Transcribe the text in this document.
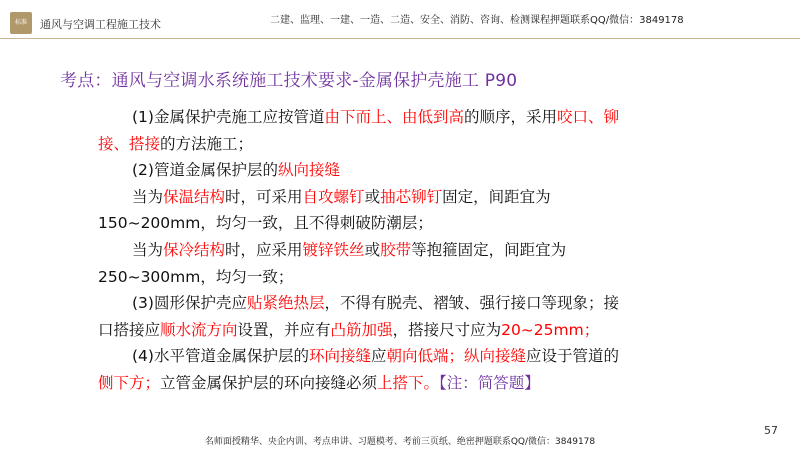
标准	通风与空调工程施工技术	二建、监理、一建、一造、二造、安全、消防、咨询、检测课程押题联系QQ/微信：3849178
考点：通风与空调水系统施工技术要求-金属保护壳施工 P90
(1)金属保护壳施工应按管道由下而上、由低到高的顺序，采用咬口、铆
接、搭接的方法施工；
(2)管道金属保护层的纵向接缝
当为保温结构时，可采用自攻螺钉或抽芯铆钉固定，间距宜为
150~200mm，均匀一致，且不得刺破防潮层；
当为保冷结构时，应采用镀锌铁丝或胶带等抱箍固定，间距宜为
250~300mm，均匀一致；
(3)圆形保护壳应贴紧绝热层，不得有脱壳、褶皱、强行接口等现象；接
口搭接应顺水流方向设置，并应有凸筋加强，搭接尺寸应为20~25mm；
(4)水平管道金属保护层的环向接缝应朝向低端；纵向接缝应设于管道的
侧下方；立管金属保护层的环向接缝必须上搭下。【注：简答题】
57
名师面授精华、央企内训、考点串讲、习题模考、考前三页纸、绝密押题联系QQ/微信：3849178
